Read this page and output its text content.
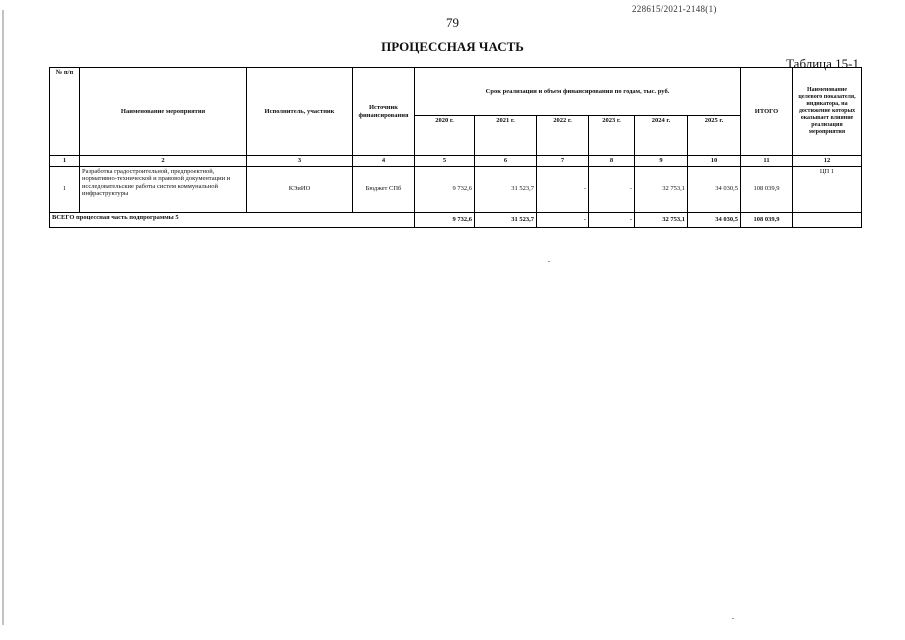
228615/2021-2148(1)
79
ПРОЦЕССНАЯ ЧАСТЬ
Таблица 15-1
№ п/п	Наименование мероприятия	Исполнитель, участник	Источник финансирования	Срок реализации и объем финансирования по годам, тыс. руб.						ИТОГО	Наименование целевого показателя, индикатора, на достижение которых оказывает влияние реализация мероприятия
				2020 г.	2021 г.	2022 г.	2023 г.	2024 г.	2025 г.		
1	2	3	4	5	6	7	8	9	10	11	12
1	Разработка градостроительной, предпроектной, нормативно-технической и правовой документации и исследовательские работы систем коммунальной инфраструктуры	КЭиИО	Бюджет СПб	9 732,6	31 523,7	-	-	32 753,1	34 030,5	108 039,9	ЦП 1
ВСЕГО процессная часть подпрограммы 5				9 732,6	31 523,7	-	-	32 753,1	34 030,5	108 039,9	
